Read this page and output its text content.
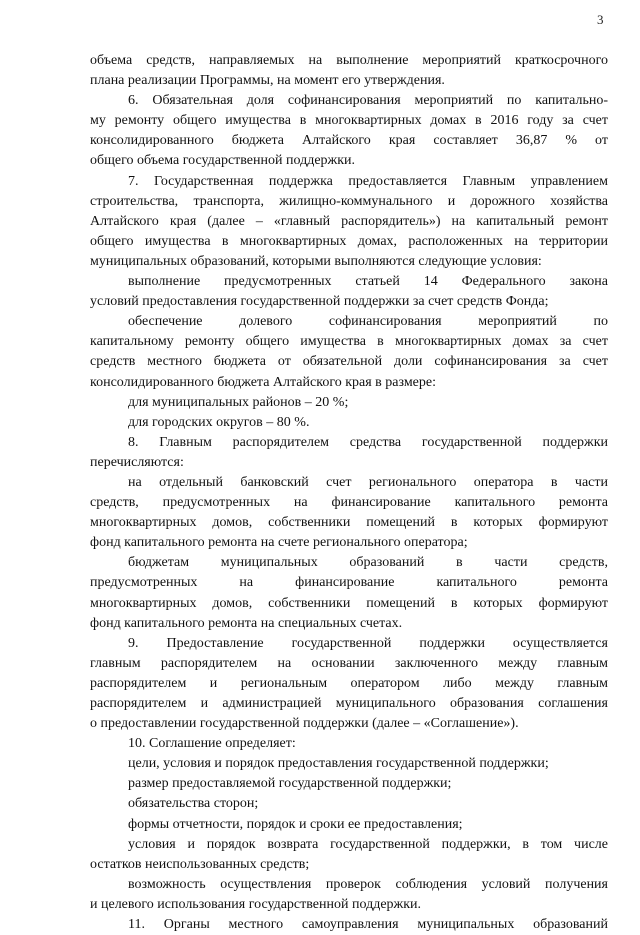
3
объема средств, направляемых на выполнение мероприятий краткосрочного
плана реализации Программы, на момент его утверждения.
6. Обязательная доля софинансирования мероприятий по капитально-
му ремонту общего имущества в многоквартирных домах в 2016 году за счет
консолидированного бюджета Алтайского края составляет 36,87 % от
общего объема государственной поддержки.
7. Государственная поддержка предоставляется Главным управлением
строительства, транспорта, жилищно-коммунального и дорожного хозяйства
Алтайского края (далее – «главный распорядитель») на капитальный ремонт
общего имущества в многоквартирных домах, расположенных на территории
муниципальных образований, которыми выполняются следующие условия:
выполнение предусмотренных статьей 14 Федерального закона
условий предоставления государственной поддержки за счет средств Фонда;
обеспечение долевого софинансирования мероприятий по
капитальному ремонту общего имущества в многоквартирных домах за счет
средств местного бюджета от обязательной доли софинансирования за счет
консолидированного бюджета Алтайского края в размере:
для муниципальных районов – 20 %;
для городских округов – 80 %.
8. Главным распорядителем средства государственной поддержки
перечисляются:
на отдельный банковский счет регионального оператора в части
средств, предусмотренных на финансирование капитального ремонта
многоквартирных домов, собственники помещений в которых формируют
фонд капитального ремонта на счете регионального оператора;
бюджетам муниципальных образований в части средств,
предусмотренных на финансирование капитального ремонта
многоквартирных домов, собственники помещений в которых формируют
фонд капитального ремонта на специальных счетах.
9. Предоставление государственной поддержки осуществляется
главным распорядителем на основании заключенного между главным
распорядителем и региональным оператором либо между главным
распорядителем и администрацией муниципального образования соглашения
о предоставлении государственной поддержки (далее – «Соглашение»).
10. Соглашение определяет:
цели, условия и порядок предоставления государственной поддержки;
размер предоставляемой государственной поддержки;
обязательства сторон;
формы отчетности, порядок и сроки ее предоставления;
условия и порядок возврата государственной поддержки, в том числе
остатков неиспользованных средств;
возможность осуществления проверок соблюдения условий получения
и целевого использования государственной поддержки.
11. Органы местного самоуправления муниципальных образований
